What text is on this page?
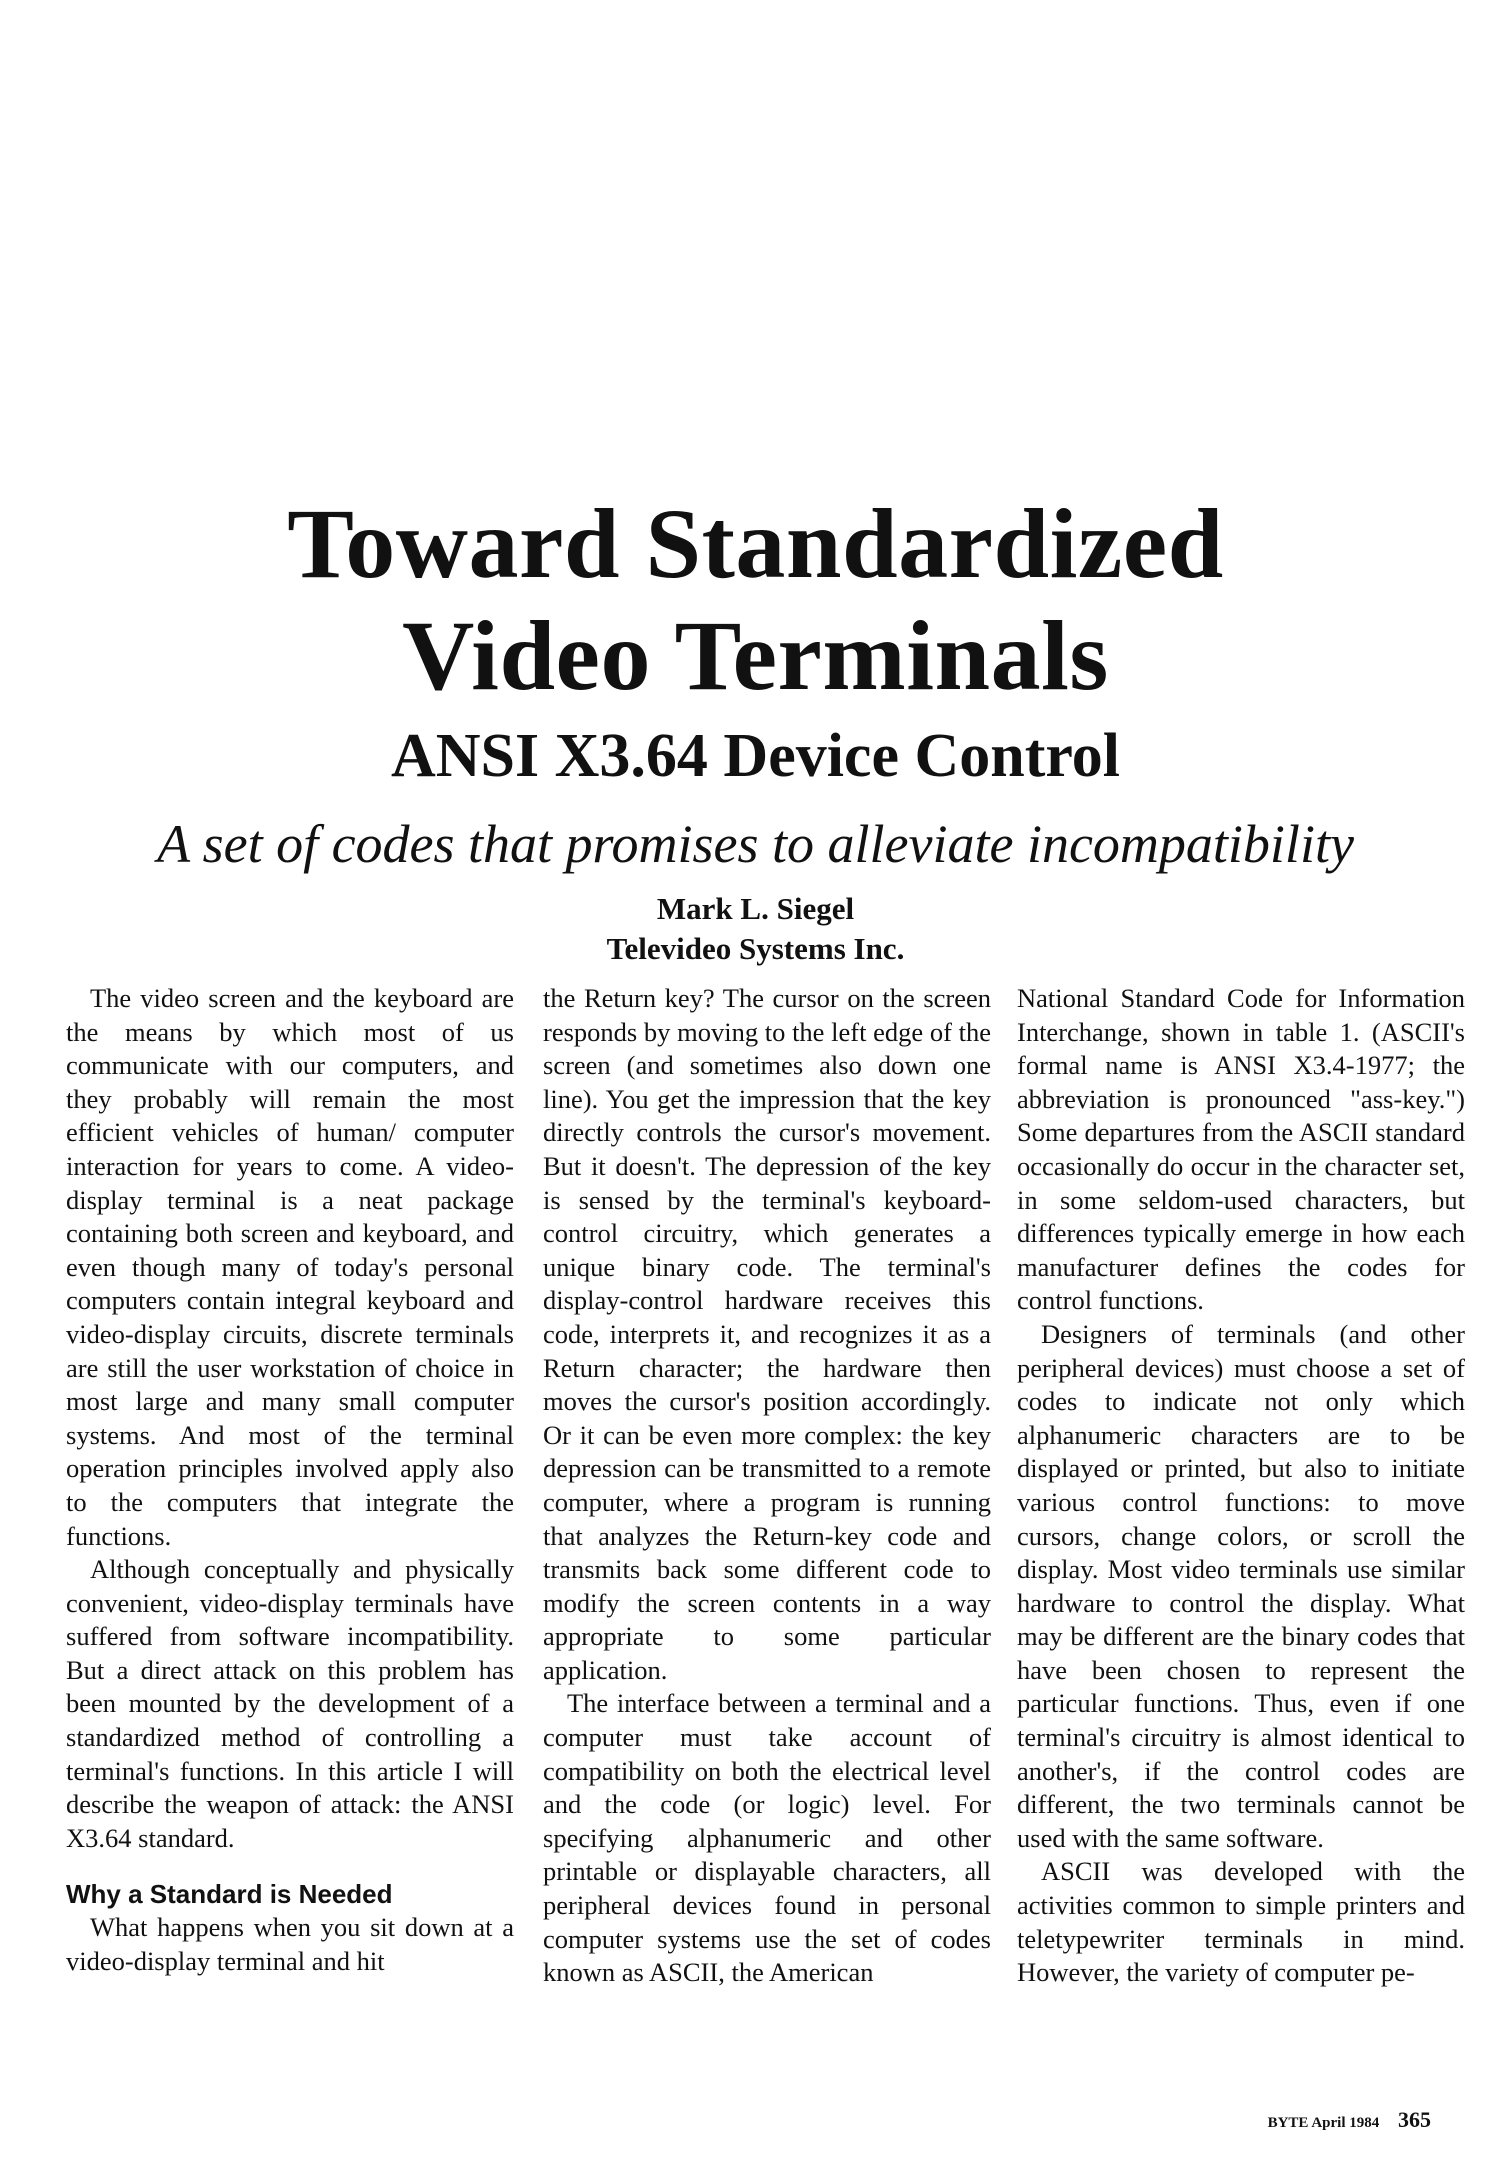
Toward Standardized
Video Terminals
ANSI X3.64 Device Control
A set of codes that promises to alleviate incompatibility
Mark L. Siegel
Televideo Systems Inc.

The video screen and the keyboard are the means by which most of us communicate with our computers, and they probably will remain the most efficient vehicles of human/ computer interaction for years to come. A video-display terminal is a neat package containing both screen and keyboard, and even though many of today's personal computers contain integral keyboard and video-display circuits, discrete terminals are still the user workstation of choice in most large and many small computer systems. And most of the terminal operation principles involved apply also to the computers that integrate the functions.

Although conceptually and physically convenient, video-display terminals have suffered from software incompatibility. But a direct attack on this problem has been mounted by the development of a standardized method of controlling a terminal's functions. In this article I will describe the weapon of attack: the ANSI X3.64 standard.

Why a Standard is Needed

What happens when you sit down at a video-display terminal and hit

the Return key? The cursor on the screen responds by moving to the left edge of the screen (and sometimes also down one line). You get the impression that the key directly controls the cursor's movement. But it doesn't. The depression of the key is sensed by the terminal's keyboard-control circuitry, which generates a unique binary code. The terminal's display-control hardware receives this code, interprets it, and recognizes it as a Return character; the hardware then moves the cursor's position accordingly. Or it can be even more complex: the key depression can be transmitted to a remote computer, where a program is running that analyzes the Return-key code and transmits back some different code to modify the screen contents in a way appropriate to some particular application.

The interface between a terminal and a computer must take account of compatibility on both the electrical level and the code (or logic) level. For specifying alphanumeric and other printable or displayable characters, all peripheral devices found in personal computer systems use the set of codes known as ASCII, the American

National Standard Code for Information Interchange, shown in table 1. (ASCII's formal name is ANSI X3.4-1977; the abbreviation is pronounced "ass-key.") Some departures from the ASCII standard occasionally do occur in the character set, in some seldom-used characters, but differences typically emerge in how each manufacturer defines the codes for control functions.

Designers of terminals (and other peripheral devices) must choose a set of codes to indicate not only which alphanumeric characters are to be displayed or printed, but also to initiate various control functions: to move cursors, change colors, or scroll the display. Most video terminals use similar hardware to control the display. What may be different are the binary codes that have been chosen to represent the particular functions. Thus, even if one terminal's circuitry is almost identical to another's, if the control codes are different, the two terminals cannot be used with the same software.

ASCII was developed with the activities common to simple printers and teletypewriter terminals in mind. However, the variety of computer pe-

BYTE April 1984 365
